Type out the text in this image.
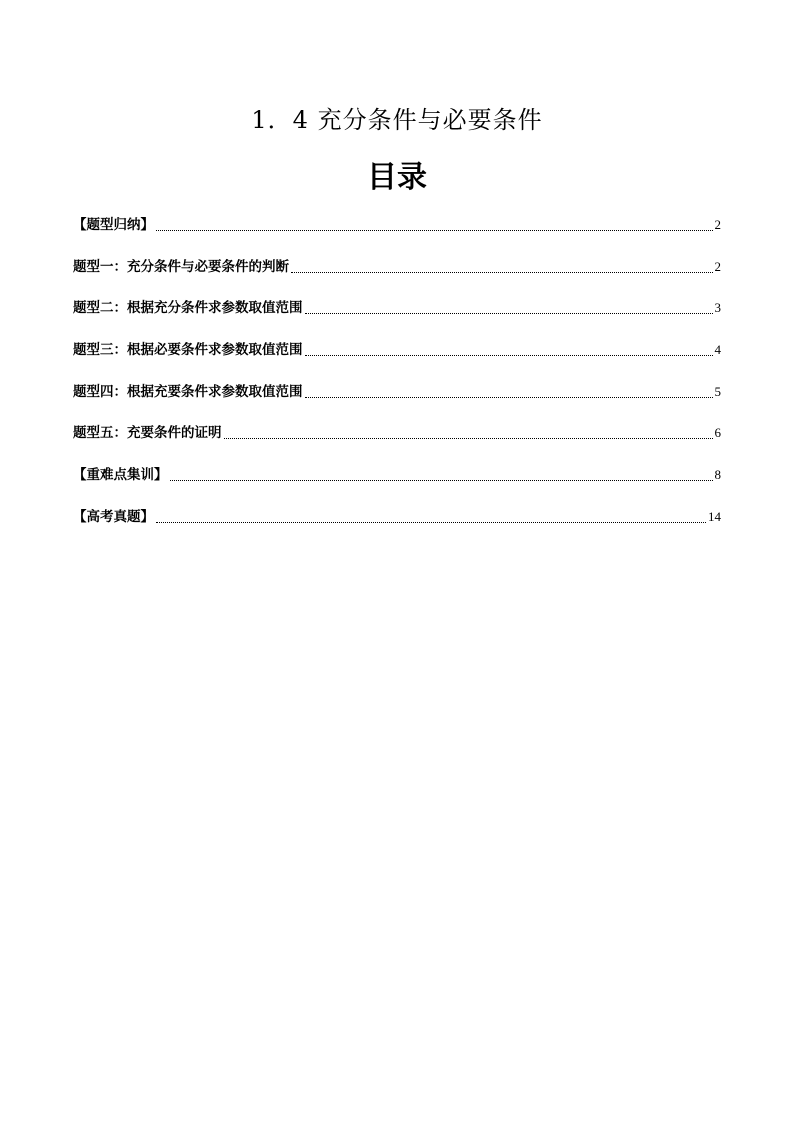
1．4 充分条件与必要条件
目录
【题型归纳】	2
题型一：充分条件与必要条件的判断	2
题型二：根据充分条件求参数取值范围	3
题型三：根据必要条件求参数取值范围	4
题型四：根据充要条件求参数取值范围	5
题型五：充要条件的证明	6
【重难点集训】	8
【高考真题】	14
